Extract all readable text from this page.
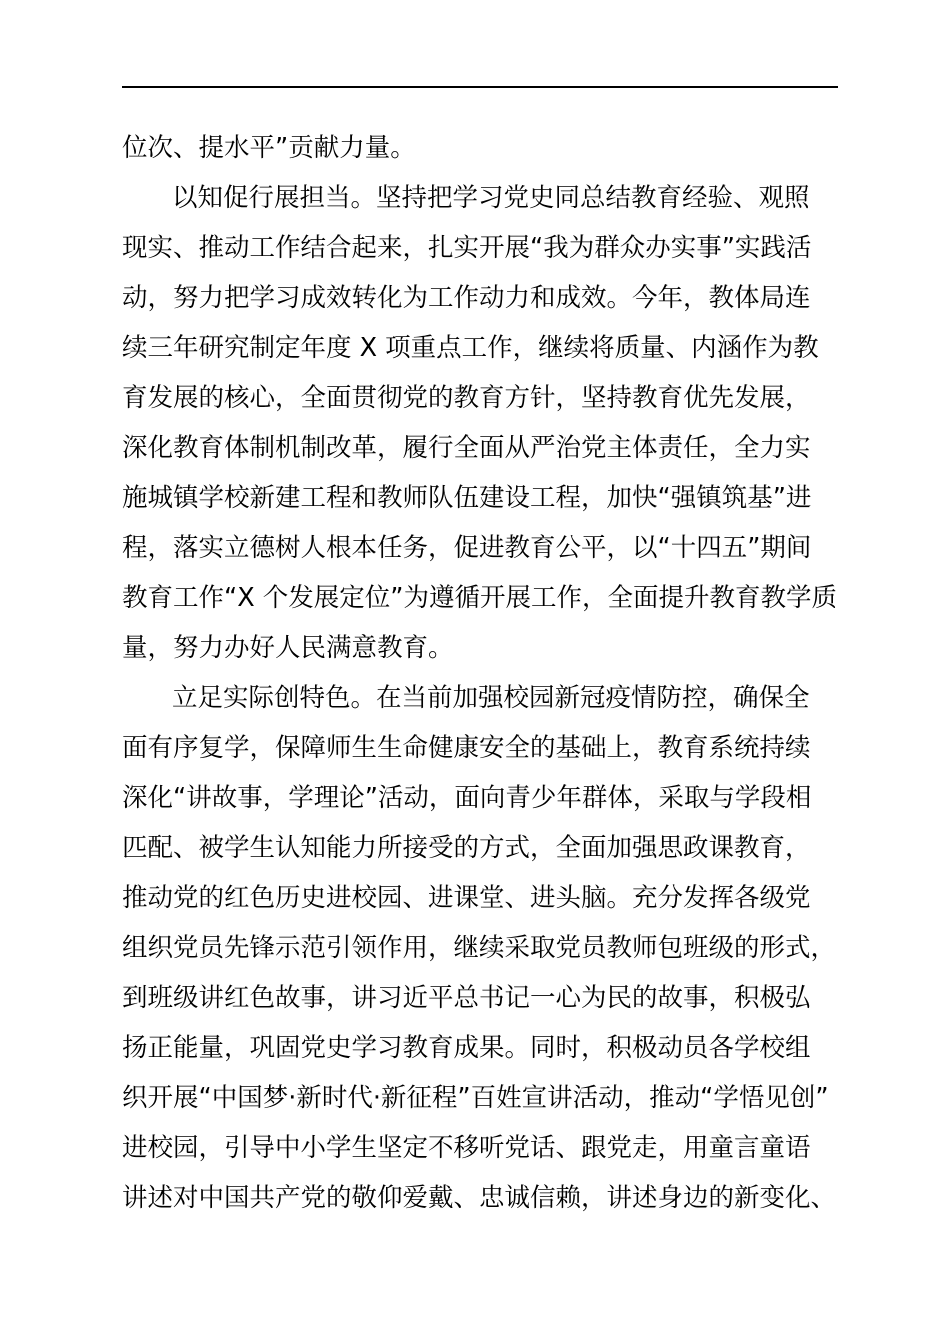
位次、提水平”贡献力量。
以知促行展担当。坚持把学习党史同总结教育经验、观照
现实、推动工作结合起来，扎实开展“我为群众办实事”实践活
动，努力把学习成效转化为工作动力和成效。今年，教体局连
续三年研究制定年度 X 项重点工作，继续将质量、内涵作为教
育发展的核心，全面贯彻党的教育方针，坚持教育优先发展，
深化教育体制机制改革，履行全面从严治党主体责任，全力实
施城镇学校新建工程和教师队伍建设工程，加快“强镇筑基”进
程，落实立德树人根本任务，促进教育公平，以“十四五”期间
教育工作“X 个发展定位”为遵循开展工作，全面提升教育教学质
量，努力办好人民满意教育。
立足实际创特色。在当前加强校园新冠疫情防控，确保全
面有序复学，保障师生生命健康安全的基础上，教育系统持续
深化“讲故事，学理论”活动，面向青少年群体，采取与学段相
匹配、被学生认知能力所接受的方式，全面加强思政课教育，
推动党的红色历史进校园、进课堂、进头脑。充分发挥各级党
组织党员先锋示范引领作用，继续采取党员教师包班级的形式，
到班级讲红色故事，讲习近平总书记一心为民的故事，积极弘
扬正能量，巩固党史学习教育成果。同时，积极动员各学校组
织开展“中国梦·新时代·新征程”百姓宣讲活动，推动“学悟见创”
进校园，引导中小学生坚定不移听党话、跟党走，用童言童语
讲述对中国共产党的敬仰爱戴、忠诚信赖，讲述身边的新变化、
